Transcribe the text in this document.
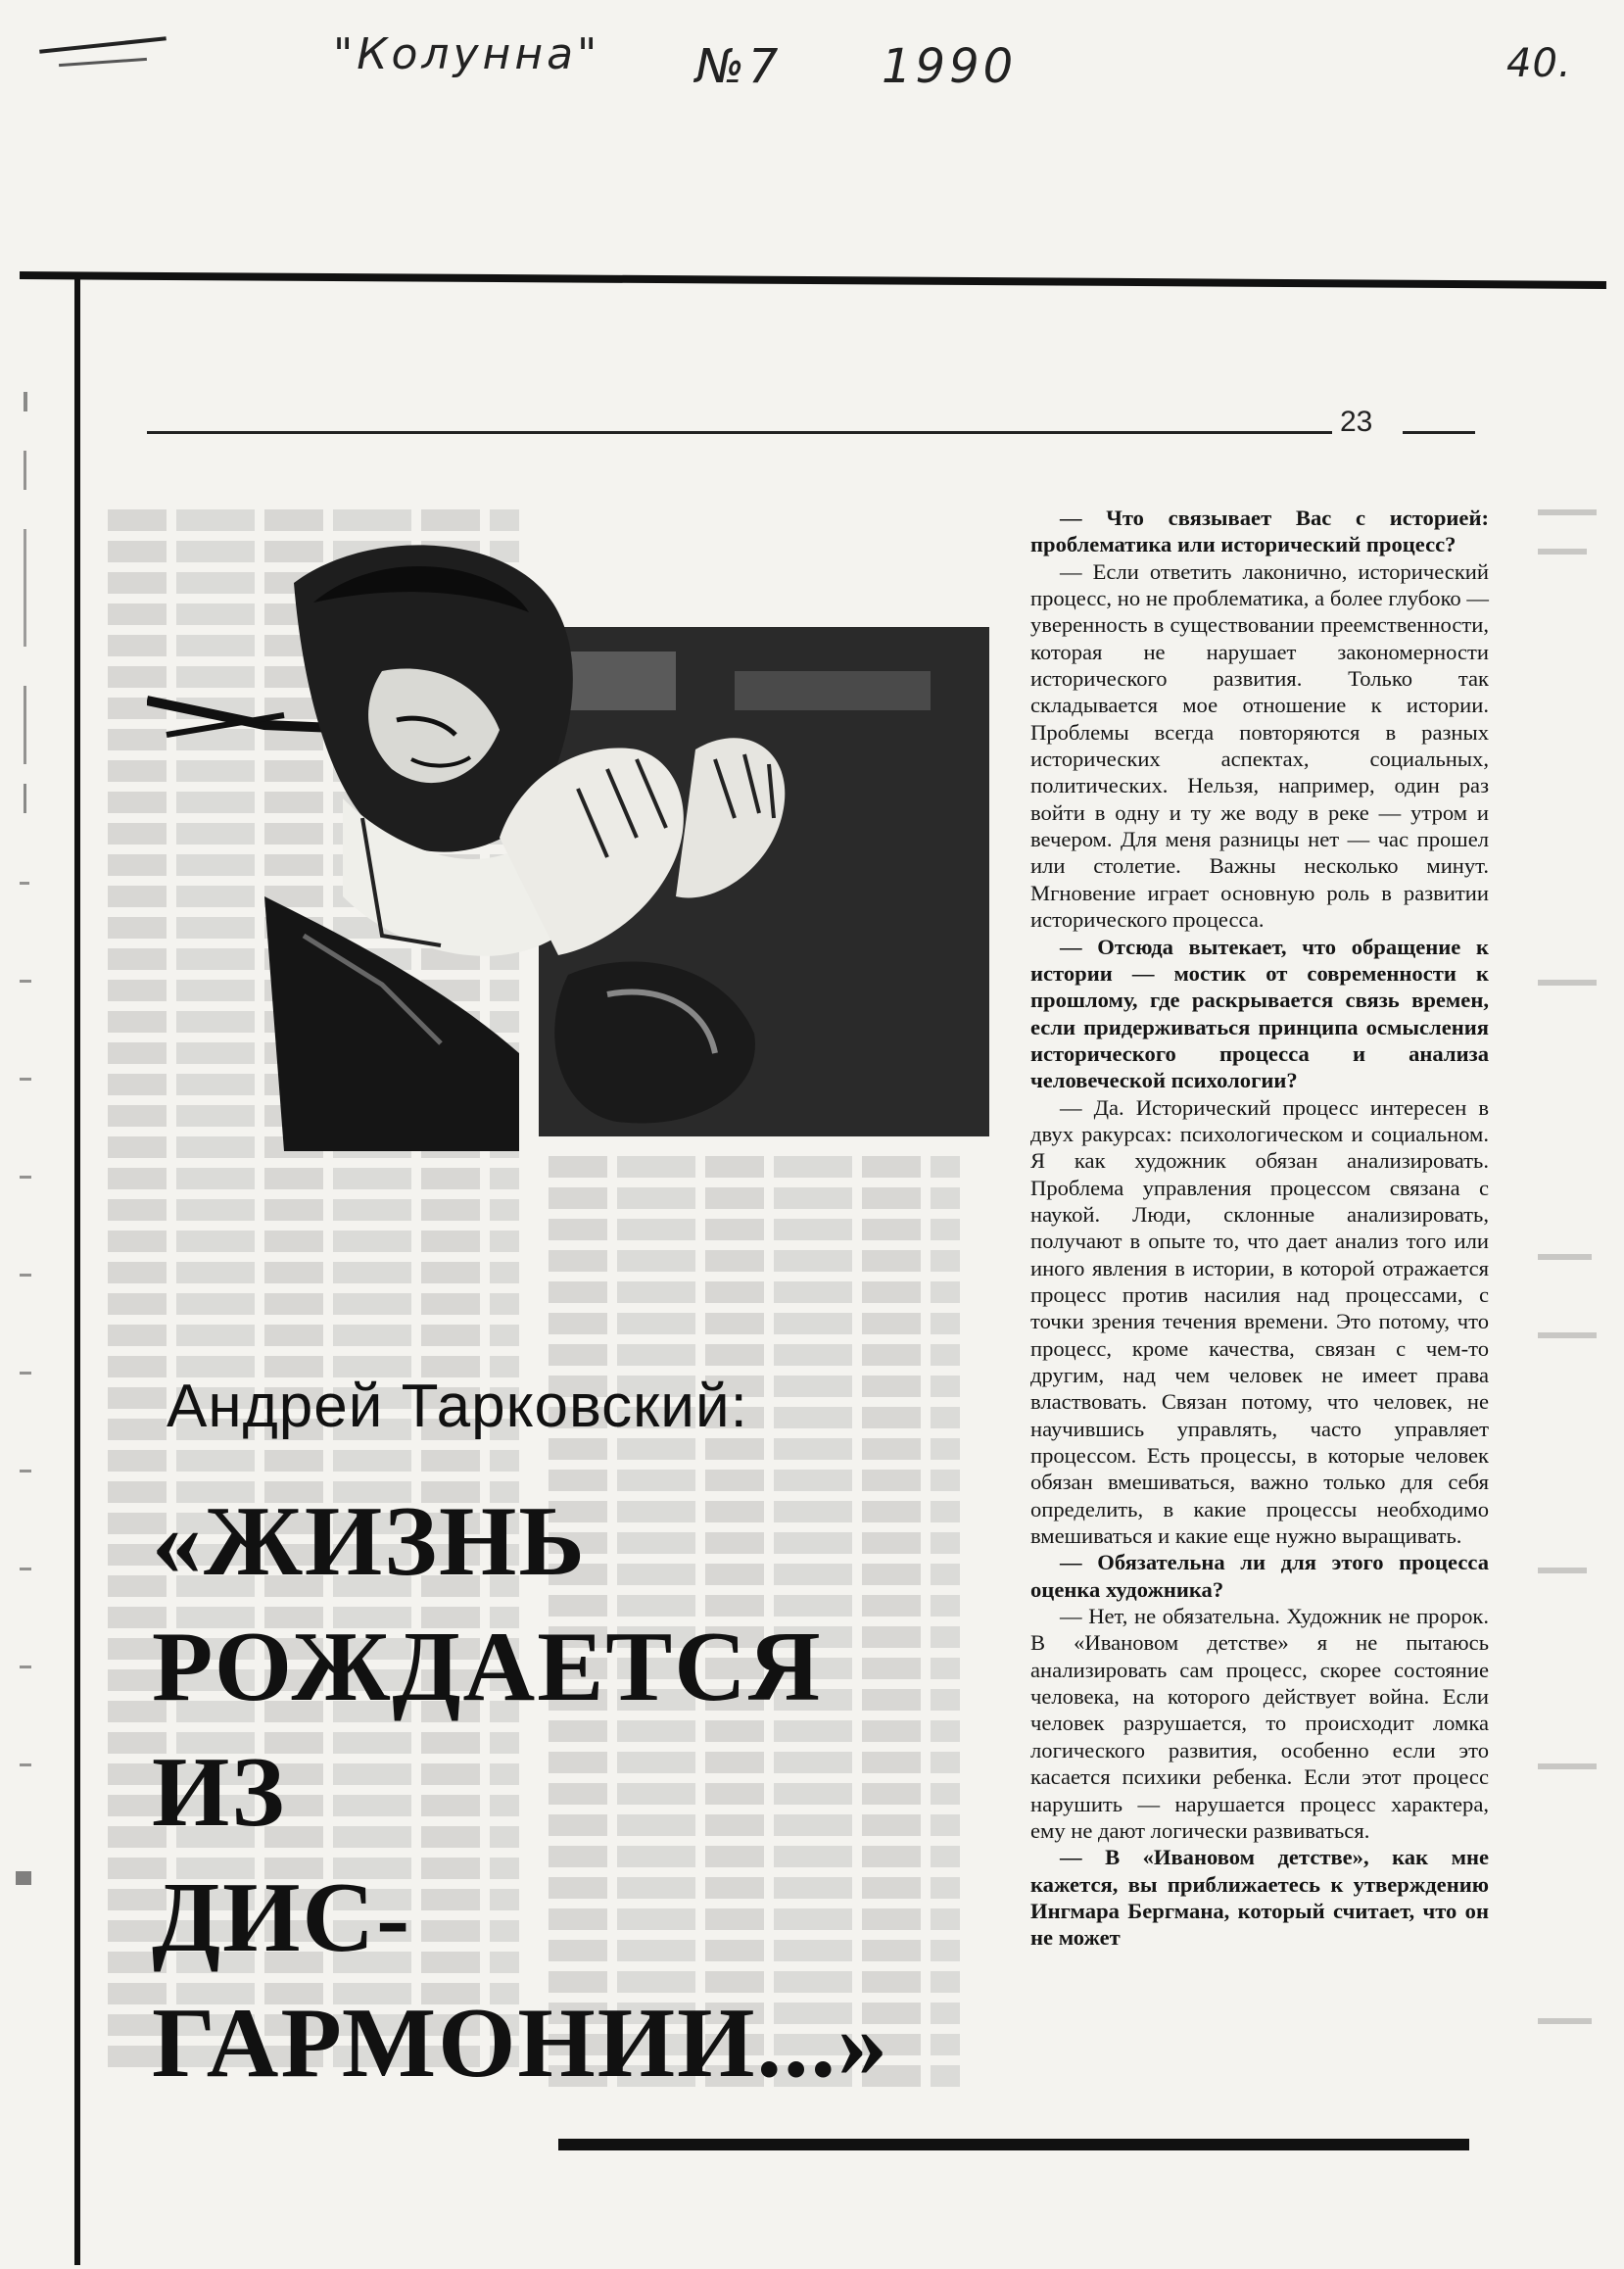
"Колунна" №7 1990	40.
23
Андрей Тарковский:
«ЖИЗНЬ
РОЖДАЕТСЯ
ИЗ
ДИС-
ГАРМОНИИ...»

— Что связывает Вас с историей: проблематика или исторический процесс?

— Если ответить лаконично, исторический процесс, но не проблематика, а более глубоко — уверенность в существовании преемственности, которая не нарушает закономерности исторического развития. Только так складывается мое отношение к истории. Проблемы всегда повторяются в разных исторических аспектах, социальных, политических. Нельзя, например, один раз войти в одну и ту же воду в реке — утром и вечером. Для меня разницы нет — час прошел или столетие. Важны несколько минут. Мгновение играет основную роль в развитии исторического процесса.

— Отсюда вытекает, что обращение к истории — мостик от современности к прошлому, где раскрывается связь времен, если придерживаться принципа осмысления исторического процесса и анализа человеческой психологии?

— Да. Исторический процесс интересен в двух ракурсах: психологическом и социальном. Я как художник обязан анализировать. Проблема управления процессом связана с наукой. Люди, склонные анализировать, получают в опыте то, что дает анализ того или иного явления в истории, в которой отражается процесс против насилия над процессами, с точки зрения течения времени. Это потому, что процесс, кроме качества, связан с чем-то другим, над чем человек не имеет права властвовать. Связан потому, что человек, не научившись управлять, часто управляет процессом. Есть процессы, в которые человек обязан вмешиваться, важно только для себя определить, в какие процессы необходимо вмешиваться и какие еще нужно выращивать.

— Обязательна ли для этого процесса оценка художника?

— Нет, не обязательна. Художник не пророк. В «Ивановом детстве» я не пытаюсь анализировать сам процесс, скорее состояние человека, на которого действует война. Если человек разрушается, то происходит ломка логического развития, особенно если это касается психики ребенка. Если этот процесс нарушить — нарушается процесс характера, ему не дают логически развиваться.

— В «Ивановом детстве», как мне кажется, вы приближаетесь к утверждению Ингмара Бергмана, который считает, что он не может
